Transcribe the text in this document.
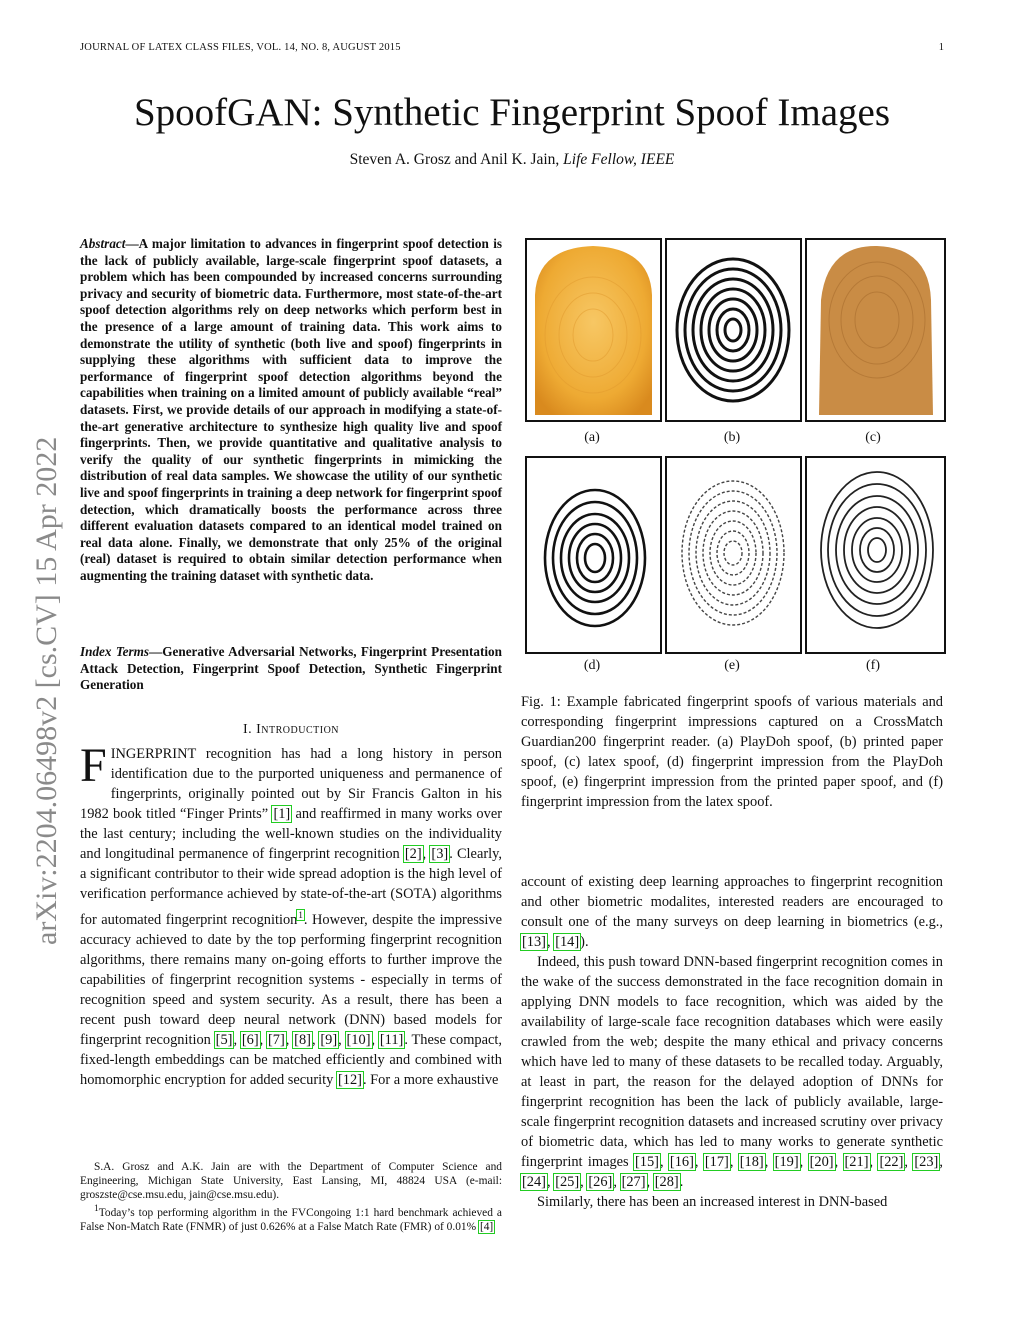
JOURNAL OF LATEX CLASS FILES, VOL. 14, NO. 8, AUGUST 2015	1
SpoofGAN: Synthetic Fingerprint Spoof Images
Steven A. Grosz and Anil K. Jain, Life Fellow, IEEE
arXiv:2204.06498v2 [cs.CV] 15 Apr 2022
Abstract—A major limitation to advances in fingerprint spoof detection is the lack of publicly available, large-scale fingerprint spoof datasets, a problem which has been compounded by increased concerns surrounding privacy and security of biometric data. Furthermore, most state-of-the-art spoof detection algorithms rely on deep networks which perform best in the presence of a large amount of training data. This work aims to demonstrate the utility of synthetic (both live and spoof) fingerprints in supplying these algorithms with sufficient data to improve the performance of fingerprint spoof detection algorithms beyond the capabilities when training on a limited amount of publicly available “real” datasets. First, we provide details of our approach in modifying a state-of-the-art generative architecture to synthesize high quality live and spoof fingerprints. Then, we provide quantitative and qualitative analysis to verify the quality of our synthetic fingerprints in mimicking the distribution of real data samples. We showcase the utility of our synthetic live and spoof fingerprints in training a deep network for fingerprint spoof detection, which dramatically boosts the performance across three different evaluation datasets compared to an identical model trained on real data alone. Finally, we demonstrate that only 25% of the original (real) dataset is required to obtain similar detection performance when augmenting the training dataset with synthetic data.
Index Terms—Generative Adversarial Networks, Fingerprint Presentation Attack Detection, Fingerprint Spoof Detection, Synthetic Fingerprint Generation
I. Introduction
FINGERPRINT recognition has had a long history in person identification due to the purported uniqueness and permanence of fingerprints, originally pointed out by Sir Francis Galton in his 1982 book titled “Finger Prints” [1] and reaffirmed in many works over the last century; including the well-known studies on the individuality and longitudinal permanence of fingerprint recognition [2], [3]. Clearly, a significant contributor to their wide spread adoption is the high level of verification performance achieved by state-of-the-art (SOTA) algorithms for automated fingerprint recognition$^1$. However, despite the impressive accuracy achieved to date by the top performing fingerprint recognition algorithms, there remains many on-going efforts to further improve the capabilities of fingerprint recognition systems - especially in terms of recognition speed and system security. As a result, there has been a recent push toward deep neural network (DNN) based models for fingerprint recognition [5], [6], [7], [8], [9], [10], [11]. These compact, fixed-length embeddings can be matched efficiently and combined with homomorphic encryption for added security [12]. For a more exhaustive

S.A. Grosz and A.K. Jain are with the Department of Computer Science and Engineering, Michigan State University, East Lansing, MI, 48824 USA (e-mail: groszste@cse.msu.edu, jain@cse.msu.edu).

$^1$Today’s top performing algorithm in the FVCongoing 1:1 hard benchmark achieved a False Non-Match Rate (FNMR) of just 0.626% at a False Match Rate (FMR) of 0.01% [4]

(a)	(b)	(c)
(d)	(e)	(f)
Fig. 1: Example fabricated fingerprint spoofs of various materials and corresponding fingerprint impressions captured on a CrossMatch Guardian200 fingerprint reader. (a) PlayDoh spoof, (b) printed paper spoof, (c) latex spoof, (d) fingerprint impression from the PlayDoh spoof, (e) fingerprint impression from the printed paper spoof, and (f) fingerprint impression from the latex spoof.

account of existing deep learning approaches to fingerprint recognition and other biometric modalites, interested readers are encouraged to consult one of the many surveys on deep learning in biometrics (e.g., [13], [14]).

Indeed, this push toward DNN-based fingerprint recognition comes in the wake of the success demonstrated in the face recognition domain in applying DNN models to face recognition, which was aided by the availability of large-scale face recognition databases which were easily crawled from the web; despite the many ethical and privacy concerns which have led to many of these datasets to be recalled today. Arguably, at least in part, the reason for the delayed adoption of DNNs for fingerprint recognition has been the lack of publicly available, large-scale fingerprint recognition datasets and increased scrutiny over privacy of biometric data, which has led to many works to generate synthetic fingerprint images [15], [16], [17], [18], [19], [20], [21], [22], [23], [24], [25], [26], [27], [28].

Similarly, there has been an increased interest in DNN-based
